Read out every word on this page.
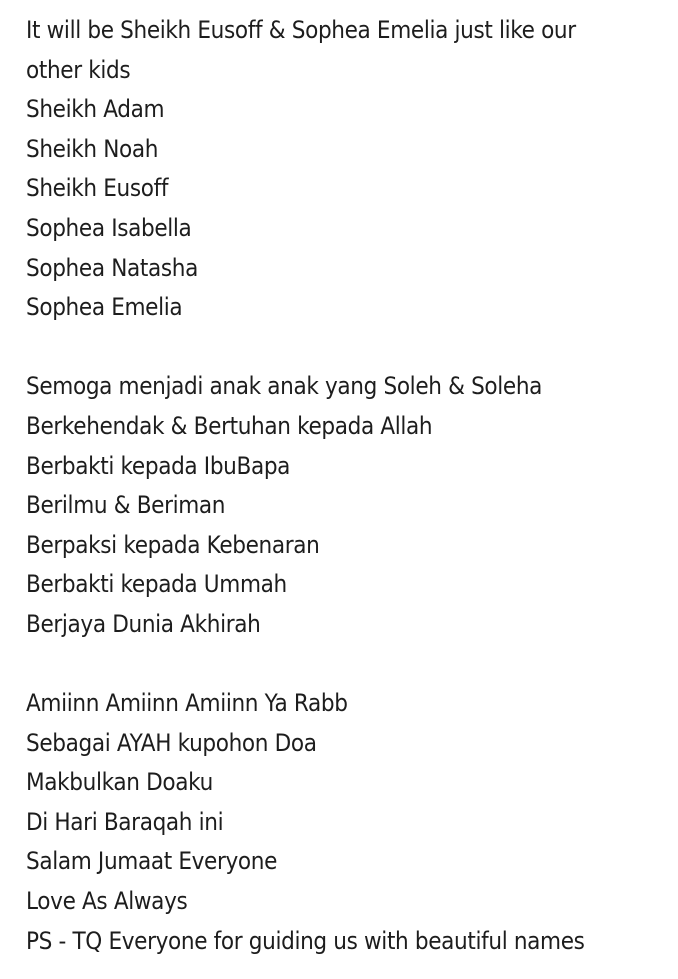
It will be Sheikh Eusoff & Sophea Emelia just like our other kids
Sheikh Adam
Sheikh Noah
Sheikh Eusoff
Sophea Isabella
Sophea Natasha
Sophea Emelia
Semoga menjadi anak anak yang Soleh & Soleha
Berkehendak & Bertuhan kepada Allah
Berbakti kepada IbuBapa
Berilmu & Beriman
Berpaksi kepada Kebenaran
Berbakti kepada Ummah
Berjaya Dunia Akhirah
Amiinn Amiinn Amiinn Ya Rabb
Sebagai AYAH kupohon Doa
Makbulkan Doaku
Di Hari Baraqah ini
Salam Jumaat Everyone
Love As Always
PS - TQ Everyone for guiding us with beautiful names
